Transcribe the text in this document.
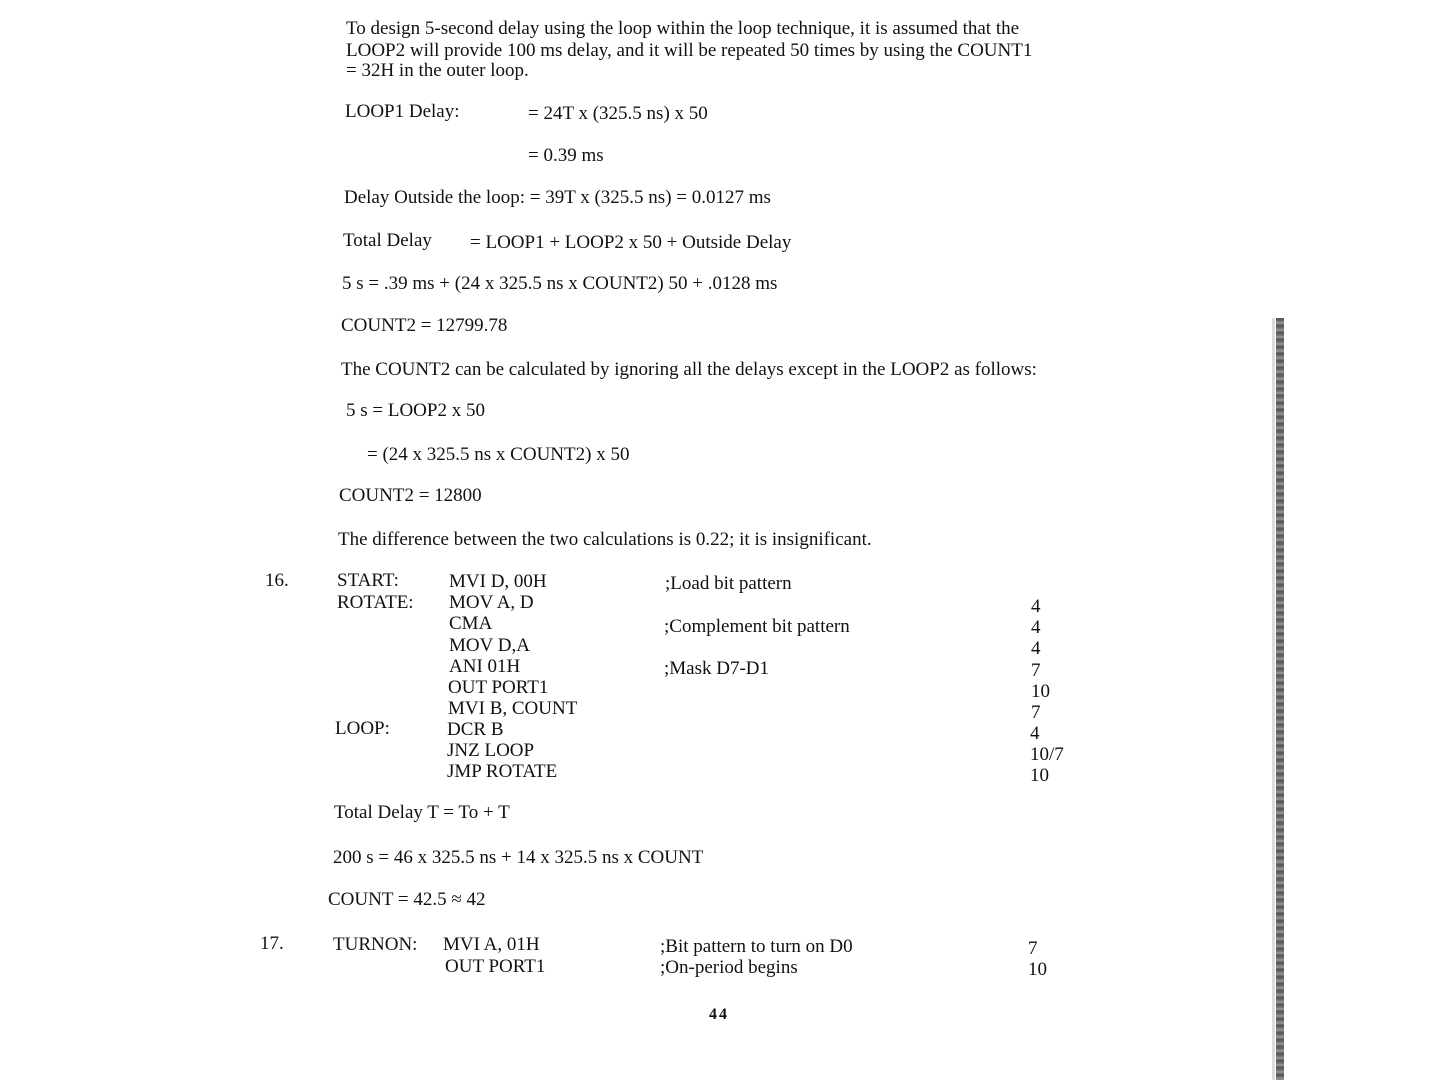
To design 5-second delay using the loop within the loop technique, it is assumed that the
LOOP2 will provide 100 ms delay, and it will be repeated 50 times by using the COUNT1
= 32H in the outer loop.
LOOP1 Delay:	= 24T x (325.5 ns) x 50
= 0.39 ms
Delay Outside the loop: = 39T x (325.5 ns) = 0.0127 ms
Total Delay = LOOP1 + LOOP2 x 50 + Outside Delay
5 s = .39 ms + (24 x 325.5 ns x COUNT2) 50 + .0128 ms
COUNT2 = 12799.78
The COUNT2 can be calculated by ignoring all the delays except in the LOOP2 as follows:
5 s = LOOP2 x 50
= (24 x 325.5 ns x COUNT2) x 50
COUNT2 = 12800
The difference between the two calculations is 0.22; it is insignificant.
16.	START:	MVI D, 00H	;Load bit pattern
ROTATE: MOV A, D	4
CMA	;Complement bit pattern	4
MOV D,A	4
ANI 01H	;Mask D7-D1	7
OUT PORT1	10
MVI B, COUNT	7
LOOP:	DCR B	4
JNZ LOOP	10/7
JMP ROTATE	10
Total Delay T = To + T
200 s = 46 x 325.5 ns + 14 x 325.5 ns x COUNT
COUNT = 42.5 ≈ 42
17.	TURNON: MVI A, 01H	;Bit pattern to turn on D0	7
OUT PORT1	;On-period begins	10
44
